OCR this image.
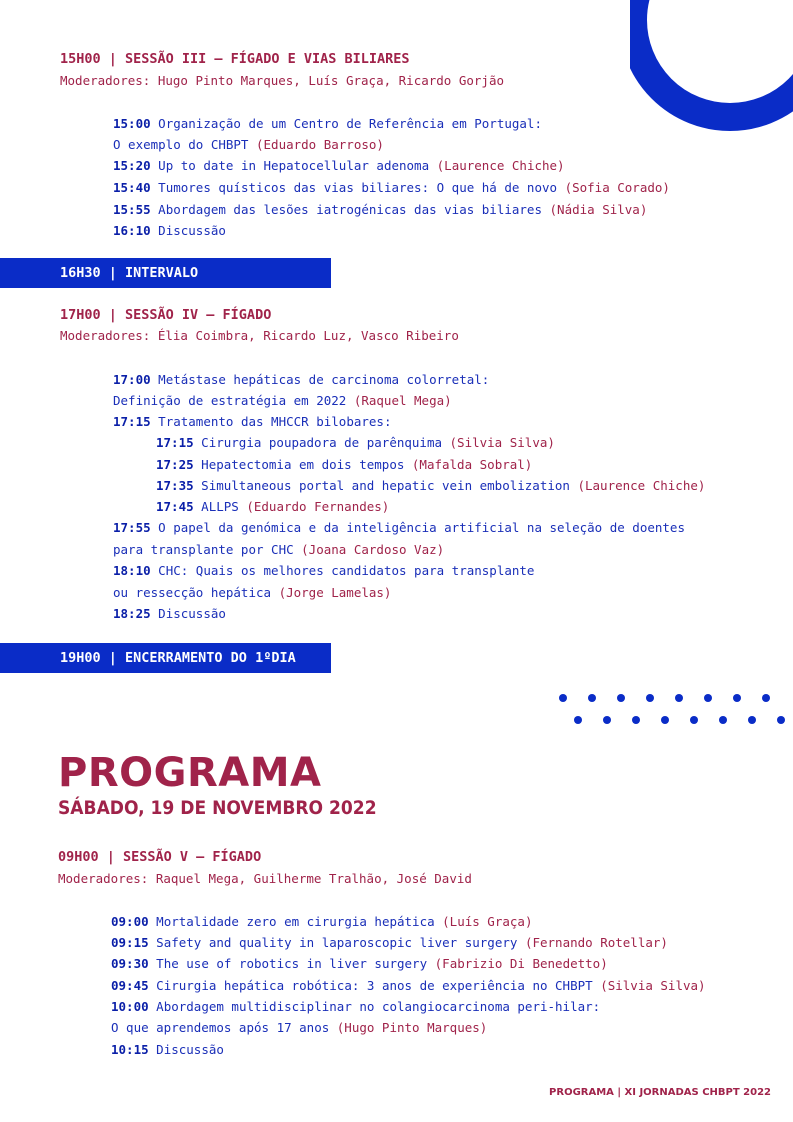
15H00 | SESSÃO III – FÍGADO E VIAS BILIARES
Moderadores: Hugo Pinto Marques, Luís Graça, Ricardo Gorjão
15:00 Organização de um Centro de Referência em Portugal:
O exemplo do CHBPT (Eduardo Barroso)
15:20 Up to date in Hepatocellular adenoma (Laurence Chiche)
15:40 Tumores quísticos das vias biliares: O que há de novo (Sofia Corado)
15:55 Abordagem das lesões iatrogénicas das vias biliares (Nádia Silva)
16:10 Discussão
16H30 | INTERVALO
17H00 | SESSÃO IV – FÍGADO
Moderadores: Élia Coimbra, Ricardo Luz, Vasco Ribeiro
17:00 Metástase hepáticas de carcinoma colorretal:
Definição de estratégia em 2022 (Raquel Mega)
17:15 Tratamento das MHCCR bilobares:
17:15 Cirurgia poupadora de parênquima (Silvia Silva)
17:25 Hepatectomia em dois tempos (Mafalda Sobral)
17:35 Simultaneous portal and hepatic vein embolization (Laurence Chiche)
17:45 ALLPS (Eduardo Fernandes)
17:55 O papel da genómica e da inteligência artificial na seleção de doentes
para transplante por CHC (Joana Cardoso Vaz)
18:10 CHC: Quais os melhores candidatos para transplante
ou ressecção hepática (Jorge Lamelas)
18:25 Discussão
19H00 | ENCERRAMENTO DO 1ºDIA
PROGRAMA
SÁBADO, 19 DE NOVEMBRO 2022
09H00 | SESSÃO V – FÍGADO
Moderadores: Raquel Mega, Guilherme Tralhão, José David
09:00 Mortalidade zero em cirurgia hepática (Luís Graça)
09:15 Safety and quality in laparoscopic liver surgery (Fernando Rotellar)
09:30 The use of robotics in liver surgery (Fabrizio Di Benedetto)
09:45 Cirurgia hepática robótica: 3 anos de experiência no CHBPT (Silvia Silva)
10:00 Abordagem multidisciplinar no colangiocarcinoma peri-hilar:
O que aprendemos após 17 anos (Hugo Pinto Marques)
10:15 Discussão
PROGRAMA | XI JORNADAS CHBPT 2022
